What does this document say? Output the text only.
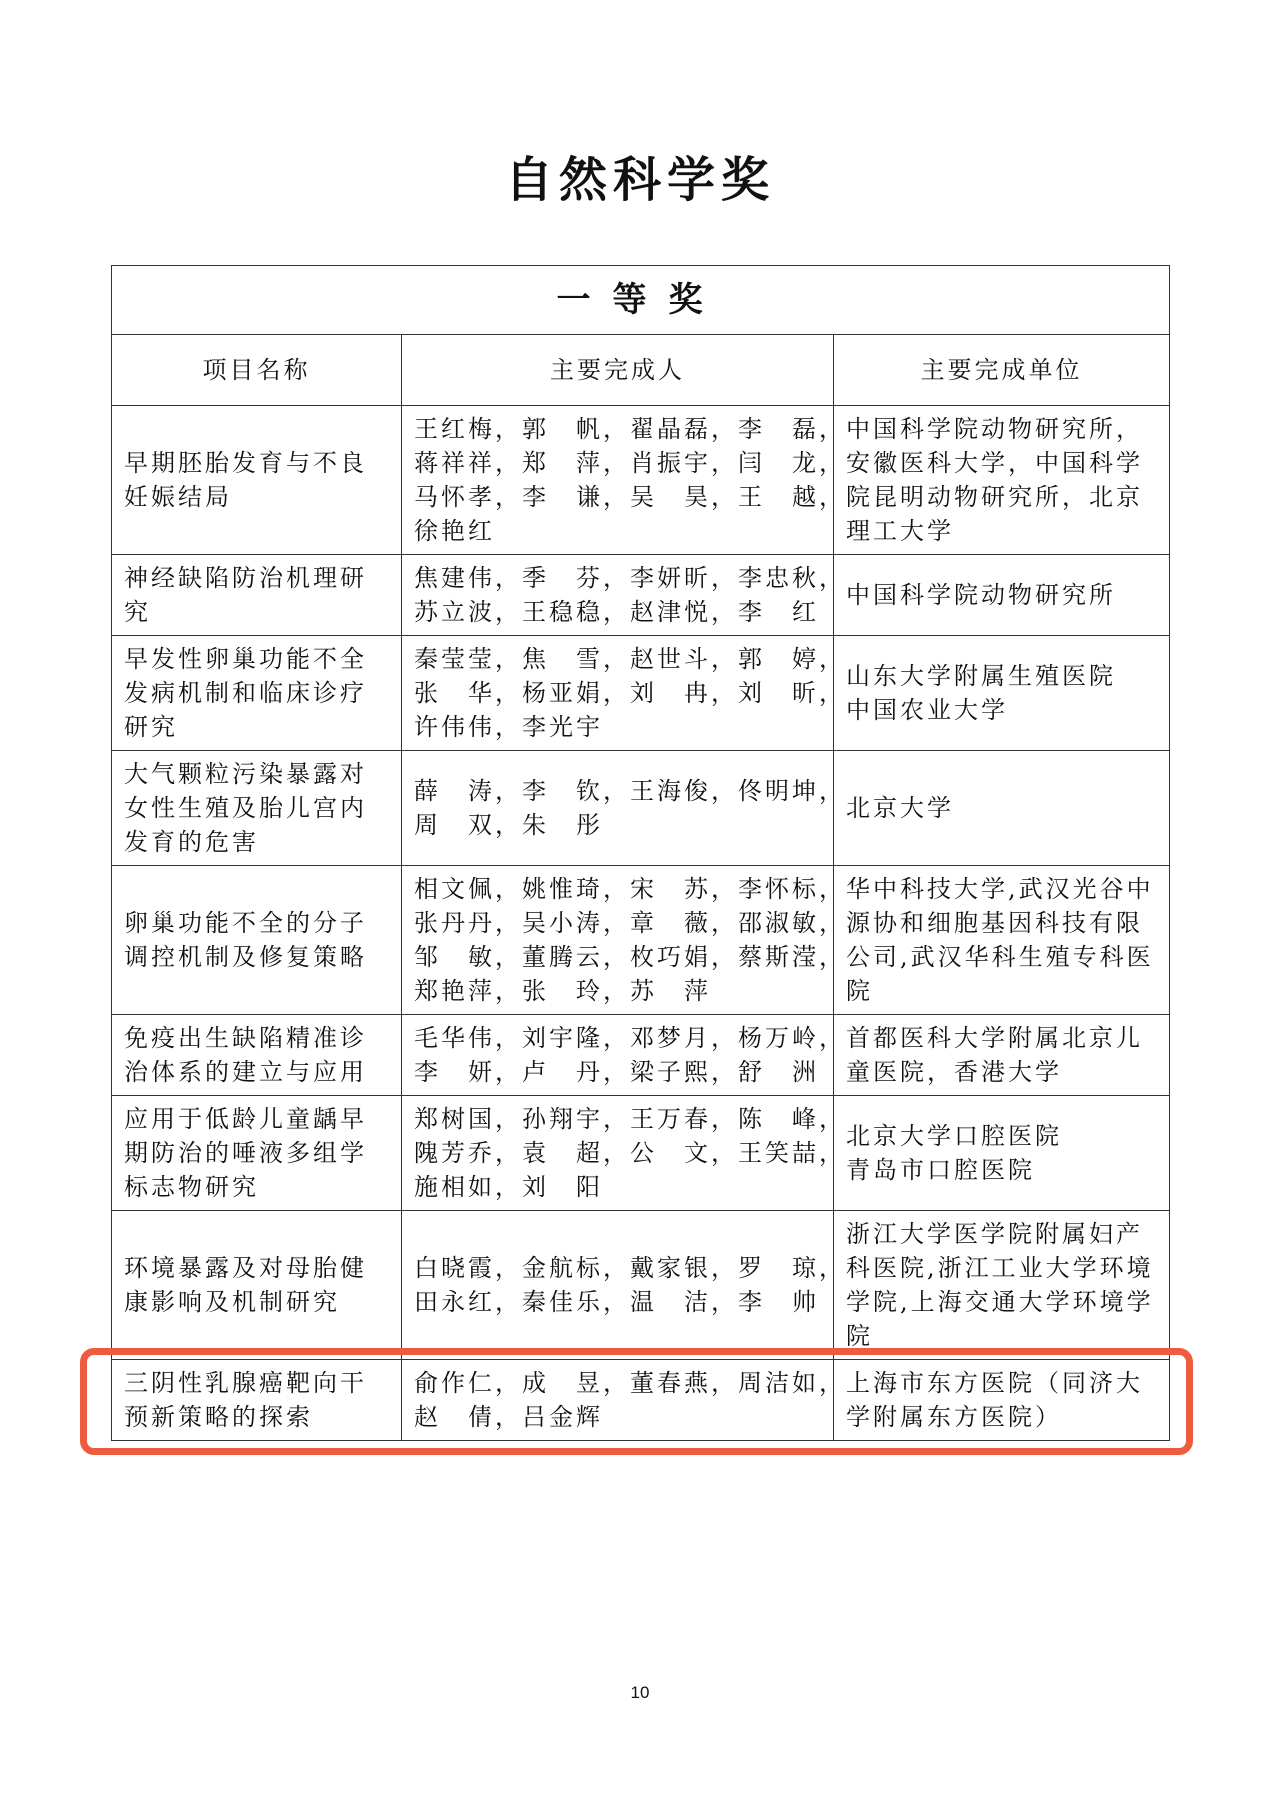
自然科学奖
一等奖		
项目名称	主要完成人	主要完成单位
早期胚胎发育与不良妊娠结局	王红梅，郭　帆，翟晶磊，李　磊，
蒋祥祥，郑　萍，肖振宇，闫　龙，
马怀孝，李　谦，吴　昊，王　越，
徐艳红	中国科学院动物研究所，安徽医科大学，中国科学院昆明动物研究所，北京理工大学
神经缺陷防治机理研究	焦建伟，季　芬，李妍昕，李忠秋，
苏立波，王稳稳，赵津悦，李　红	中国科学院动物研究所
早发性卵巢功能不全发病机制和临床诊疗研究	秦莹莹，焦　雪，赵世斗，郭　婷，
张　华，杨亚娟，刘　冉，刘　昕，
许伟伟，李光宇	山东大学附属生殖医院
中国农业大学
大气颗粒污染暴露对女性生殖及胎儿宫内发育的危害	薛　涛，李　钦，王海俊，佟明坤，
周　双，朱　彤	北京大学
卵巢功能不全的分子调控机制及修复策略	相文佩，姚惟琦，宋　苏，李怀标，
张丹丹，吴小涛，章　薇，邵淑敏，
邹　敏，董腾云，枚巧娟，蔡斯滢，
郑艳萍，张　玲，苏　萍	华中科技大学,武汉光谷中源协和细胞基因科技有限公司,武汉华科生殖专科医院
免疫出生缺陷精准诊治体系的建立与应用	毛华伟，刘宇隆，邓梦月，杨万岭，
李　妍，卢　丹，梁子熙，舒　洲	首都医科大学附属北京儿童医院，香港大学
应用于低龄儿童龋早期防治的唾液多组学标志物研究	郑树国，孙翔宇，王万春，陈　峰，
隗芳乔，袁　超，公　文，王笑喆，
施相如，刘　阳	北京大学口腔医院
青岛市口腔医院
环境暴露及对母胎健康影响及机制研究	白晓霞，金航标，戴家银，罗　琼，
田永红，秦佳乐，温　洁，李　帅	浙江大学医学院附属妇产科医院,浙江工业大学环境学院,上海交通大学环境学院
三阴性乳腺癌靶向干预新策略的探索	俞作仁，成　昱，董春燕，周洁如，
赵　倩，吕金辉	上海市东方医院（同济大学附属东方医院）
10
